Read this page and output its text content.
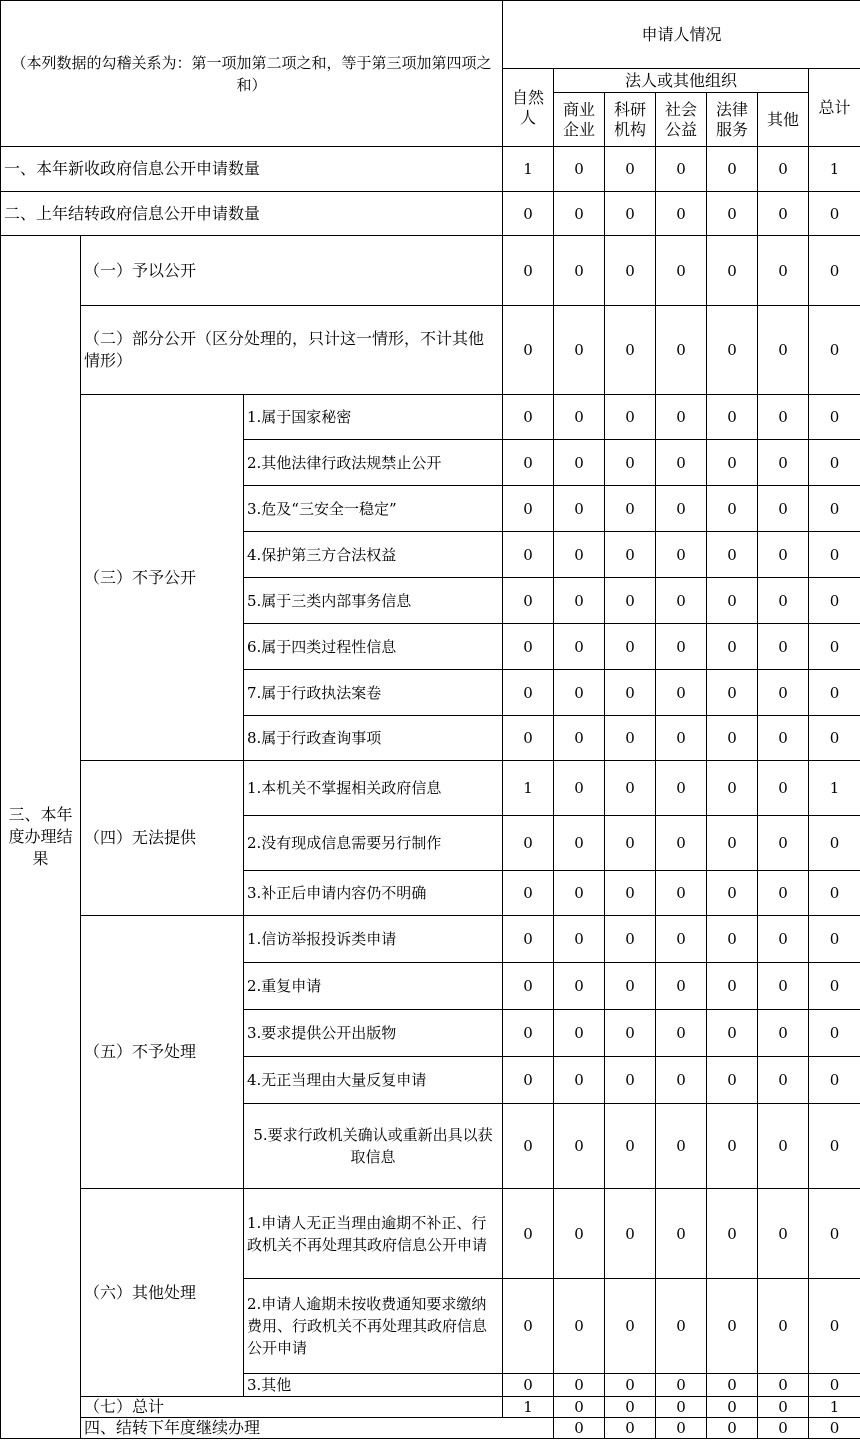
（本列数据的勾稽关系为：第一项加第二项之和，等于第三项加第四项之和）			申请人情况							
			自然人	法人或其他组织					总计	
				商业企业	科研机构	社会公益	法律服务	其他		
一、本年新收政府信息公开申请数量			1	0	0	0	0	0	1	
二、上年结转政府信息公开申请数量			0	0	0	0	0	0	0	
三、本年度办理结果	（一）予以公开		0	0	0	0	0	0	0	
	（二）部分公开（区分处理的，只计这一情形，不计其他情形）		0	0	0	0	0	0	0	
	（三）不予公开	1.属于国家秘密	0	0	0	0	0	0	0	
		2.其他法律行政法规禁止公开	0	0	0	0	0	0	0	
		3.危及“三安全一稳定”	0	0	0	0	0	0	0	
		4.保护第三方合法权益	0	0	0	0	0	0	0	
		5.属于三类内部事务信息	0	0	0	0	0	0	0	
		6.属于四类过程性信息	0	0	0	0	0	0	0	
		7.属于行政执法案卷	0	0	0	0	0	0	0	
		8.属于行政查询事项	0	0	0	0	0	0	0	
	（四）无法提供	1.本机关不掌握相关政府信息	1	0	0	0	0	0	1	
		2.没有现成信息需要另行制作	0	0	0	0	0	0	0	
		3.补正后申请内容仍不明确	0	0	0	0	0	0	0	
	（五）不予处理	1.信访举报投诉类申请	0	0	0	0	0	0	0	
		2.重复申请	0	0	0	0	0	0	0	
		3.要求提供公开出版物	0	0	0	0	0	0	0	
		4.无正当理由大量反复申请	0	0	0	0	0	0	0	
		5.要求行政机关确认或重新出具以获取信息	0	0	0	0	0	0	0	
	（六）其他处理	1.申请人无正当理由逾期不补正、行政机关不再处理其政府信息公开申请	0	0	0	0	0	0	0	
		2.申请人逾期未按收费通知要求缴纳费用、行政机关不再处理其政府信息公开申请	0	0	0	0	0	0	0	
		3.其他	0	0	0	0	0	0	0	
	（七）总计		1	0	0	0	0	0	1	
	四、结转下年度继续办理			0	0	0	0	0	0	
